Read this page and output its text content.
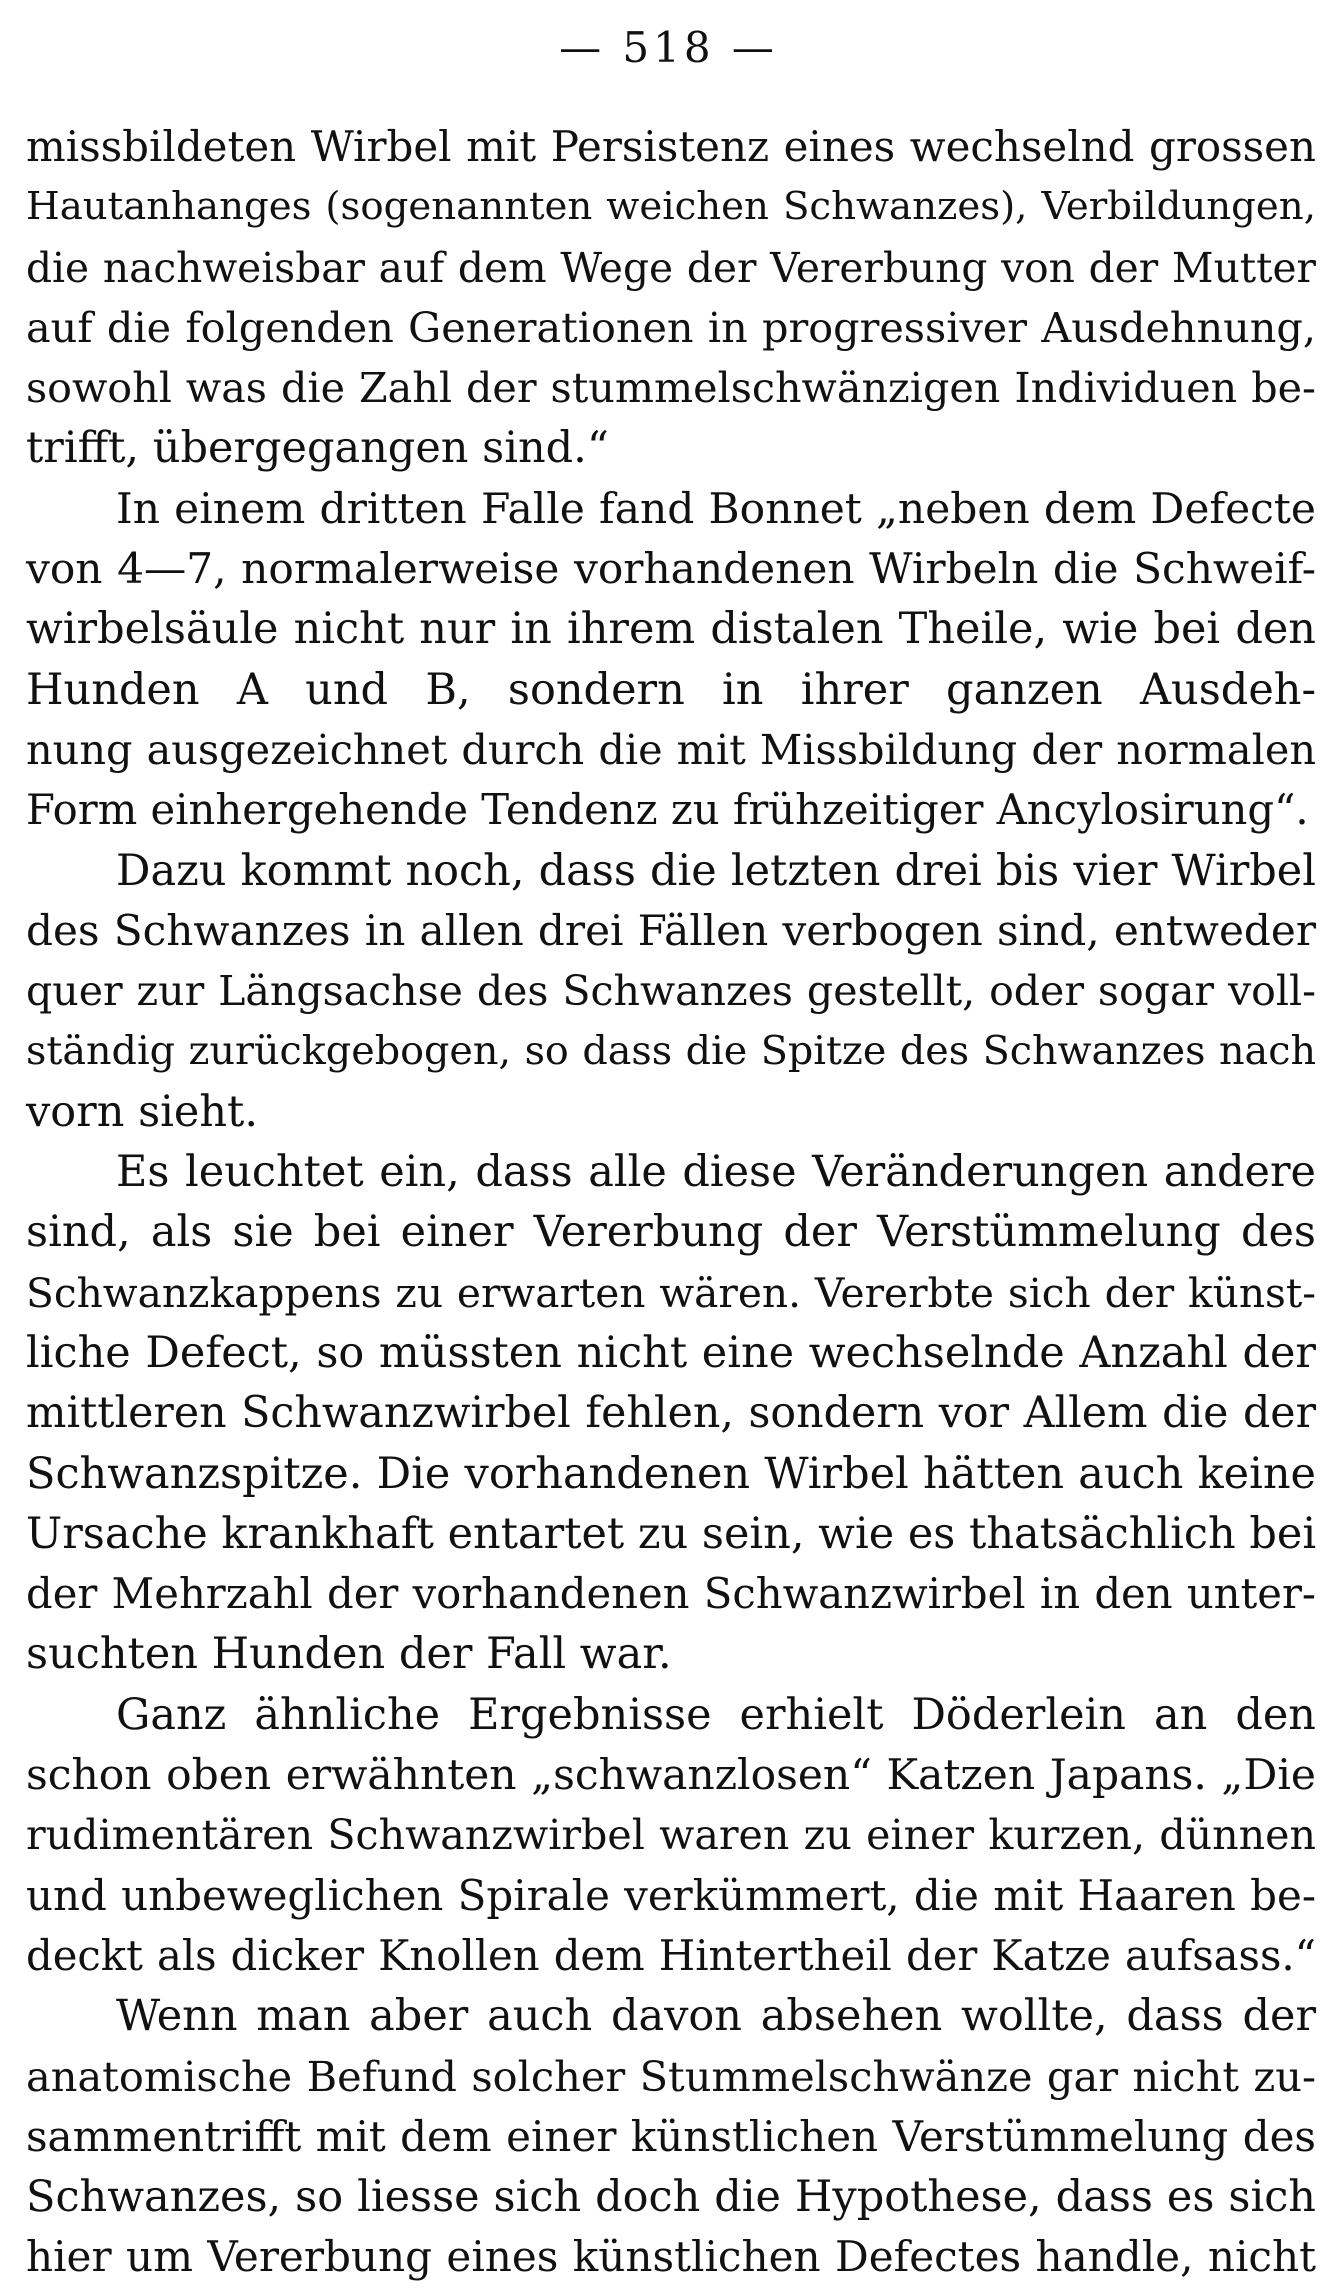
— 518 —

missbildeten Wirbel mit Persistenz eines wechselnd grossen
Hautanhanges (sogenannten weichen Schwanzes), Verbildungen,
die nachweisbar auf dem Wege der Vererbung von der Mutter
auf die folgenden Generationen in progressiver Ausdehnung,
sowohl was die Zahl der stummelschwänzigen Individuen be-
trifft, übergegangen sind.“

In einem dritten Falle fand Bonnet „neben dem Defecte
von 4—7, normalerweise vorhandenen Wirbeln die Schweif-
wirbelsäule nicht nur in ihrem distalen Theile, wie bei den
Hunden A und B, sondern in ihrer ganzen Ausdeh-
nung ausgezeichnet durch die mit Missbildung der normalen
Form einhergehende Tendenz zu frühzeitiger Ancylosirung“.

Dazu kommt noch, dass die letzten drei bis vier Wirbel
des Schwanzes in allen drei Fällen verbogen sind, entweder
quer zur Längsachse des Schwanzes gestellt, oder sogar voll-
ständig zurückgebogen, so dass die Spitze des Schwanzes nach
vorn sieht.

Es leuchtet ein, dass alle diese Veränderungen andere
sind, als sie bei einer Vererbung der Verstümmelung des
Schwanzkappens zu erwarten wären. Vererbte sich der künst-
liche Defect, so müssten nicht eine wechselnde Anzahl der
mittleren Schwanzwirbel fehlen, sondern vor Allem die der
Schwanzspitze. Die vorhandenen Wirbel hätten auch keine
Ursache krankhaft entartet zu sein, wie es thatsächlich bei
der Mehrzahl der vorhandenen Schwanzwirbel in den unter-
suchten Hunden der Fall war.

Ganz ähnliche Ergebnisse erhielt Döderlein an den
schon oben erwähnten „schwanzlosen“ Katzen Japans. „Die
rudimentären Schwanzwirbel waren zu einer kurzen, dünnen
und unbeweglichen Spirale verkümmert, die mit Haaren be-
deckt als dicker Knollen dem Hintertheil der Katze aufsass.“

Wenn man aber auch davon absehen wollte, dass der
anatomische Befund solcher Stummelschwänze gar nicht zu-
sammentrifft mit dem einer künstlichen Verstümmelung des
Schwanzes, so liesse sich doch die Hypothese, dass es sich
hier um Vererbung eines künstlichen Defectes handle, nicht
